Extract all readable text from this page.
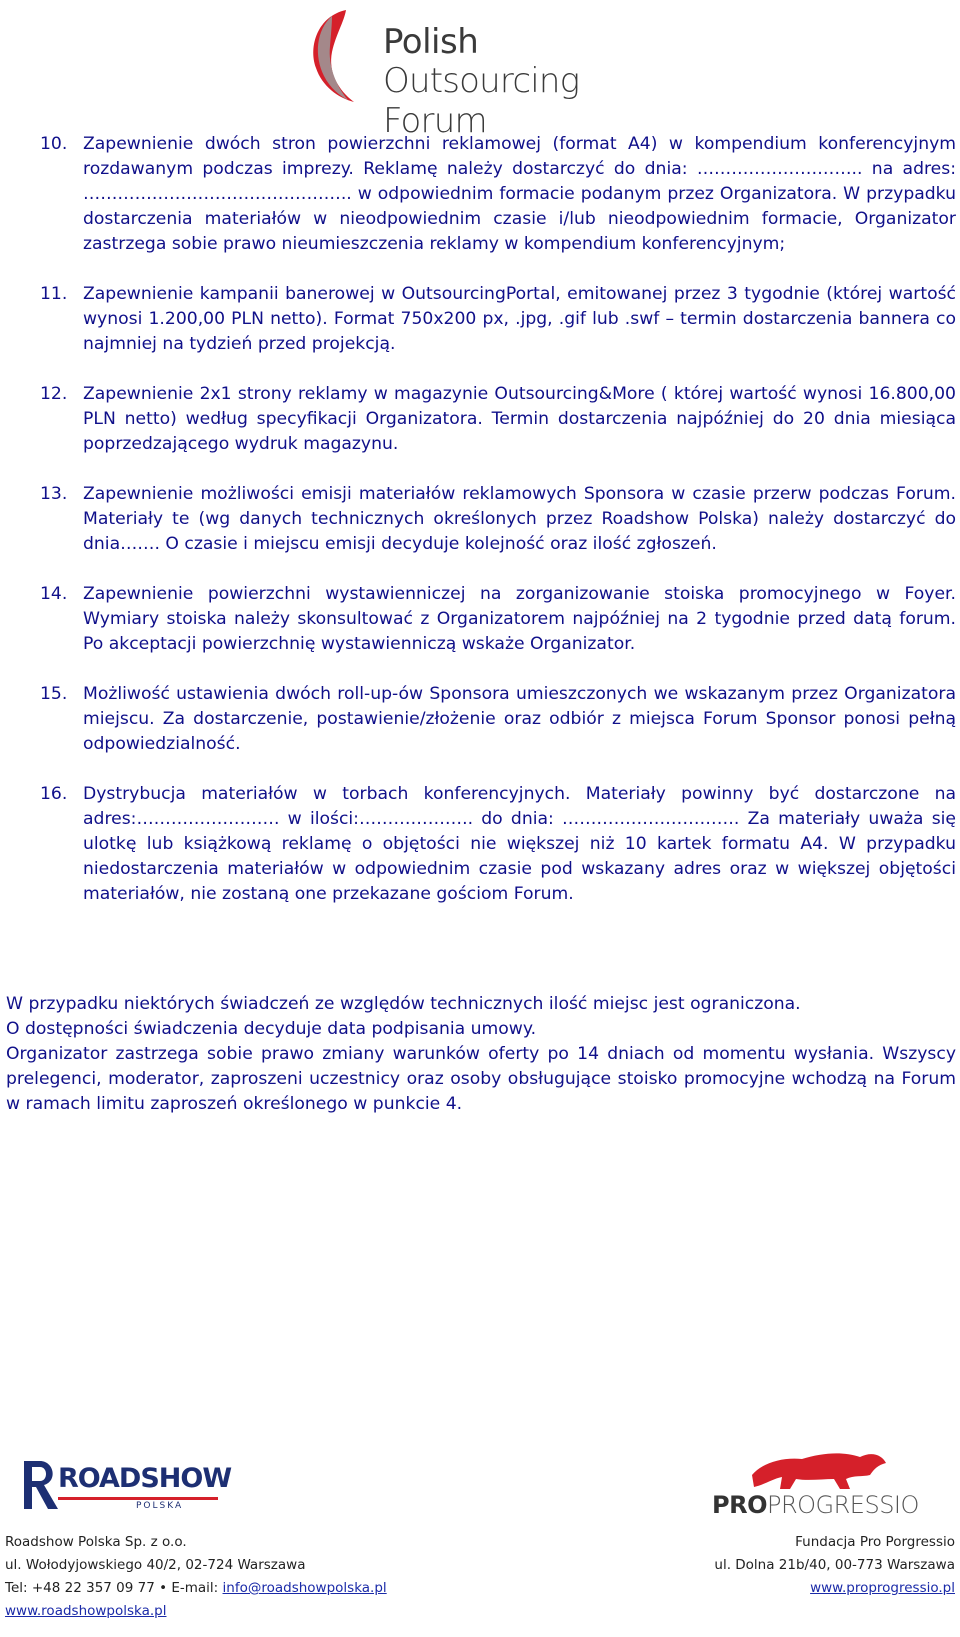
Polish
Outsourcing Forum
10. Zapewnienie dwóch stron powierzchni reklamowej (format A4) w kompendium konferencyjnym rozdawanym podczas imprezy. Reklamę należy dostarczyć do dnia: ……………………….. na adres: ……………………………………….. w odpowiednim formacie podanym przez Organizatora. W przypadku dostarczenia materiałów w nieodpowiednim czasie i/lub nieodpowiednim formacie, Organizator zastrzega sobie prawo nieumieszczenia reklamy w kompendium konferencyjnym;
11. Zapewnienie kampanii banerowej w OutsourcingPortal, emitowanej przez 3 tygodnie (której wartość wynosi 1.200,00 PLN netto). Format 750x200 px, .jpg, .gif lub .swf – termin dostarczenia bannera co najmniej na tydzień przed projekcją.
12. Zapewnienie 2x1 strony reklamy w magazynie Outsourcing&More ( której wartość wynosi 16.800,00 PLN netto) według specyfikacji Organizatora. Termin dostarczenia najpóźniej do 20 dnia miesiąca poprzedzającego wydruk magazynu.
13. Zapewnienie możliwości emisji materiałów reklamowych Sponsora w czasie przerw podczas Forum. Materiały te (wg danych technicznych określonych przez Roadshow Polska) należy dostarczyć do dnia……. O czasie i miejscu emisji decyduje kolejność oraz ilość zgłoszeń.
14. Zapewnienie powierzchni wystawienniczej na zorganizowanie stoiska promocyjnego w Foyer. Wymiary stoiska należy skonsultować z Organizatorem najpóźniej na 2 tygodnie przed datą forum. Po akceptacji powierzchnię wystawienniczą wskaże Organizator.
15. Możliwość ustawienia dwóch roll-up-ów Sponsora umieszczonych we wskazanym przez Organizatora miejscu. Za dostarczenie, postawienie/złożenie oraz odbiór z miejsca Forum Sponsor ponosi pełną odpowiedzialność.
16. Dystrybucja materiałów w torbach konferencyjnych. Materiały powinny być dostarczone na adres:……………………. w ilości:……………….. do dnia: …………………………. Za materiały uważa się ulotkę lub książkową reklamę o objętości nie większej niż 10 kartek formatu A4. W przypadku niedostarczenia materiałów w odpowiednim czasie pod wskazany adres oraz w większej objętości materiałów, nie zostaną one przekazane gościom Forum.

W przypadku niektórych świadczeń ze względów technicznych ilość miejsc jest ograniczona.

O dostępności świadczenia decyduje data podpisania umowy.

Organizator zastrzega sobie prawo zmiany warunków oferty po 14 dniach od momentu wysłania. Wszyscy prelegenci, moderator, zaproszeni uczestnicy oraz osoby obsługujące stoisko promocyjne wchodzą na Forum w ramach limitu zaproszeń określonego w punkcie 4.

ROADSHOW
POLSKA	PROPROGRESSIO
Roadshow Polska Sp. z o.o.
ul. Wołodyjowskiego 40/2, 02-724 Warszawa
Tel: +48 22 357 09 77 • E-mail: info@roadshowpolska.pl
www.roadshowpolska.pl
Fundacja Pro Porgressio
ul. Dolna 21b/40, 00-773 Warszawa
www.proprogressio.pl
